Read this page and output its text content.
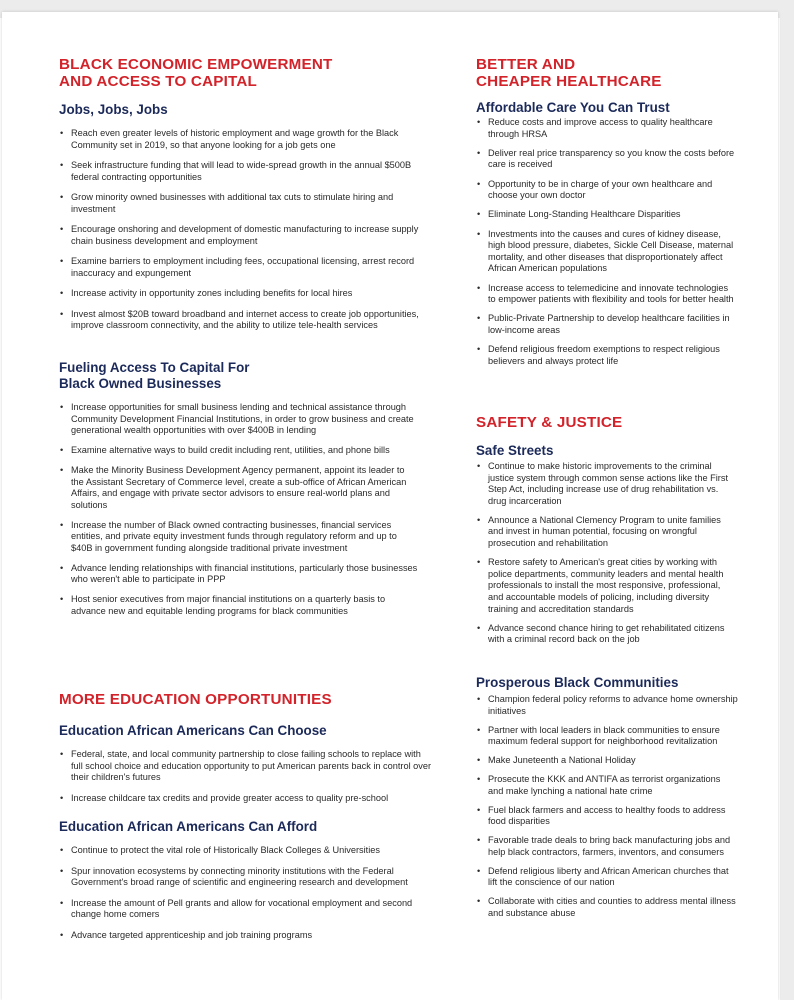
BLACK ECONOMIC EMPOWERMENT
AND ACCESS TO CAPITAL
Jobs, Jobs, Jobs
• Reach even greater levels of historic employment and wage growth for the Black Community set in 2019, so that anyone looking for a job gets one
• Seek infrastructure funding that will lead to wide-spread growth in the annual $500B federal contracting opportunities
• Grow minority owned businesses with additional tax cuts to stimulate hiring and investment
• Encourage onshoring and development of domestic manufacturing to increase supply chain business development and employment
• Examine barriers to employment including fees, occupational licensing, arrest record inaccuracy and expungement
• Increase activity in opportunity zones including benefits for local hires
• Invest almost $20B toward broadband and internet access to create job opportunities, improve classroom connectivity, and the ability to utilize tele-health services
Fueling Access To Capital For
Black Owned Businesses
• Increase opportunities for small business lending and technical assistance through Community Development Financial Institutions, in order to grow business and create generational wealth opportunities with over $400B in lending
• Examine alternative ways to build credit including rent, utilities, and phone bills
• Make the Minority Business Development Agency permanent, appoint its leader to the Assistant Secretary of Commerce level, create a sub-office of African American Affairs, and engage with private sector advisors to ensure real-world plans and solutions
• Increase the number of Black owned contracting businesses, financial services entities, and private equity investment funds through regulatory reform and up to $40B in government funding alongside traditional private investment
• Advance lending relationships with financial institutions, particularly those businesses who weren't able to participate in PPP
• Host senior executives from major financial institutions on a quarterly basis to advance new and equitable lending programs for black communities
MORE EDUCATION OPPORTUNITIES
Education African Americans Can Choose
• Federal, state, and local community partnership to close failing schools to replace with full school choice and education opportunity to put American parents back in control over their children's futures
• Increase childcare tax credits and provide greater access to quality pre-school
Education African Americans Can Afford
• Continue to protect the vital role of Historically Black Colleges & Universities
• Spur innovation ecosystems by connecting minority institutions with the Federal Government's broad range of scientific and engineering research and development
• Increase the amount of Pell grants and allow for vocational employment and second change home comers
• Advance targeted apprenticeship and job training programs
BETTER AND
CHEAPER HEALTHCARE
Affordable Care You Can Trust
• Reduce costs and improve access to quality healthcare through HRSA
• Deliver real price transparency so you know the costs before care is received
• Opportunity to be in charge of your own healthcare and choose your own doctor
• Eliminate Long-Standing Healthcare Disparities
• Investments into the causes and cures of kidney disease, high blood pressure, diabetes, Sickle Cell Disease, maternal mortality, and other diseases that disproportionately affect African American populations
• Increase access to telemedicine and innovate technologies to empower patients with flexibility and tools for better health
• Public-Private Partnership to develop healthcare facilities in low-income areas
• Defend religious freedom exemptions to respect religious believers and always protect life
SAFETY & JUSTICE
Safe Streets
• Continue to make historic improvements to the criminal justice system through common sense actions like the First Step Act, including increase use of drug rehabilitation vs. drug incarceration
• Announce a National Clemency Program to unite families and invest in human potential, focusing on wrongful prosecution and rehabilitation
• Restore safety to American's great cities by working with police departments, community leaders and mental health professionals to install the most responsive, professional, and accountable models of policing, including diversity training and accreditation standards
• Advance second chance hiring to get rehabilitated citizens with a criminal record back on the job
Prosperous Black Communities
• Champion federal policy reforms to advance home ownership initiatives
• Partner with local leaders in black communities to ensure maximum federal support for neighborhood revitalization
• Make Juneteenth a National Holiday
• Prosecute the KKK and ANTIFA as terrorist organizations and make lynching a national hate crime
• Fuel black farmers and access to healthy foods to address food disparities
• Favorable trade deals to bring back manufacturing jobs and help black contractors, farmers, inventors, and consumers
• Defend religious liberty and African American churches that lift the conscience of our nation
• Collaborate with cities and counties to address mental illness and substance abuse
